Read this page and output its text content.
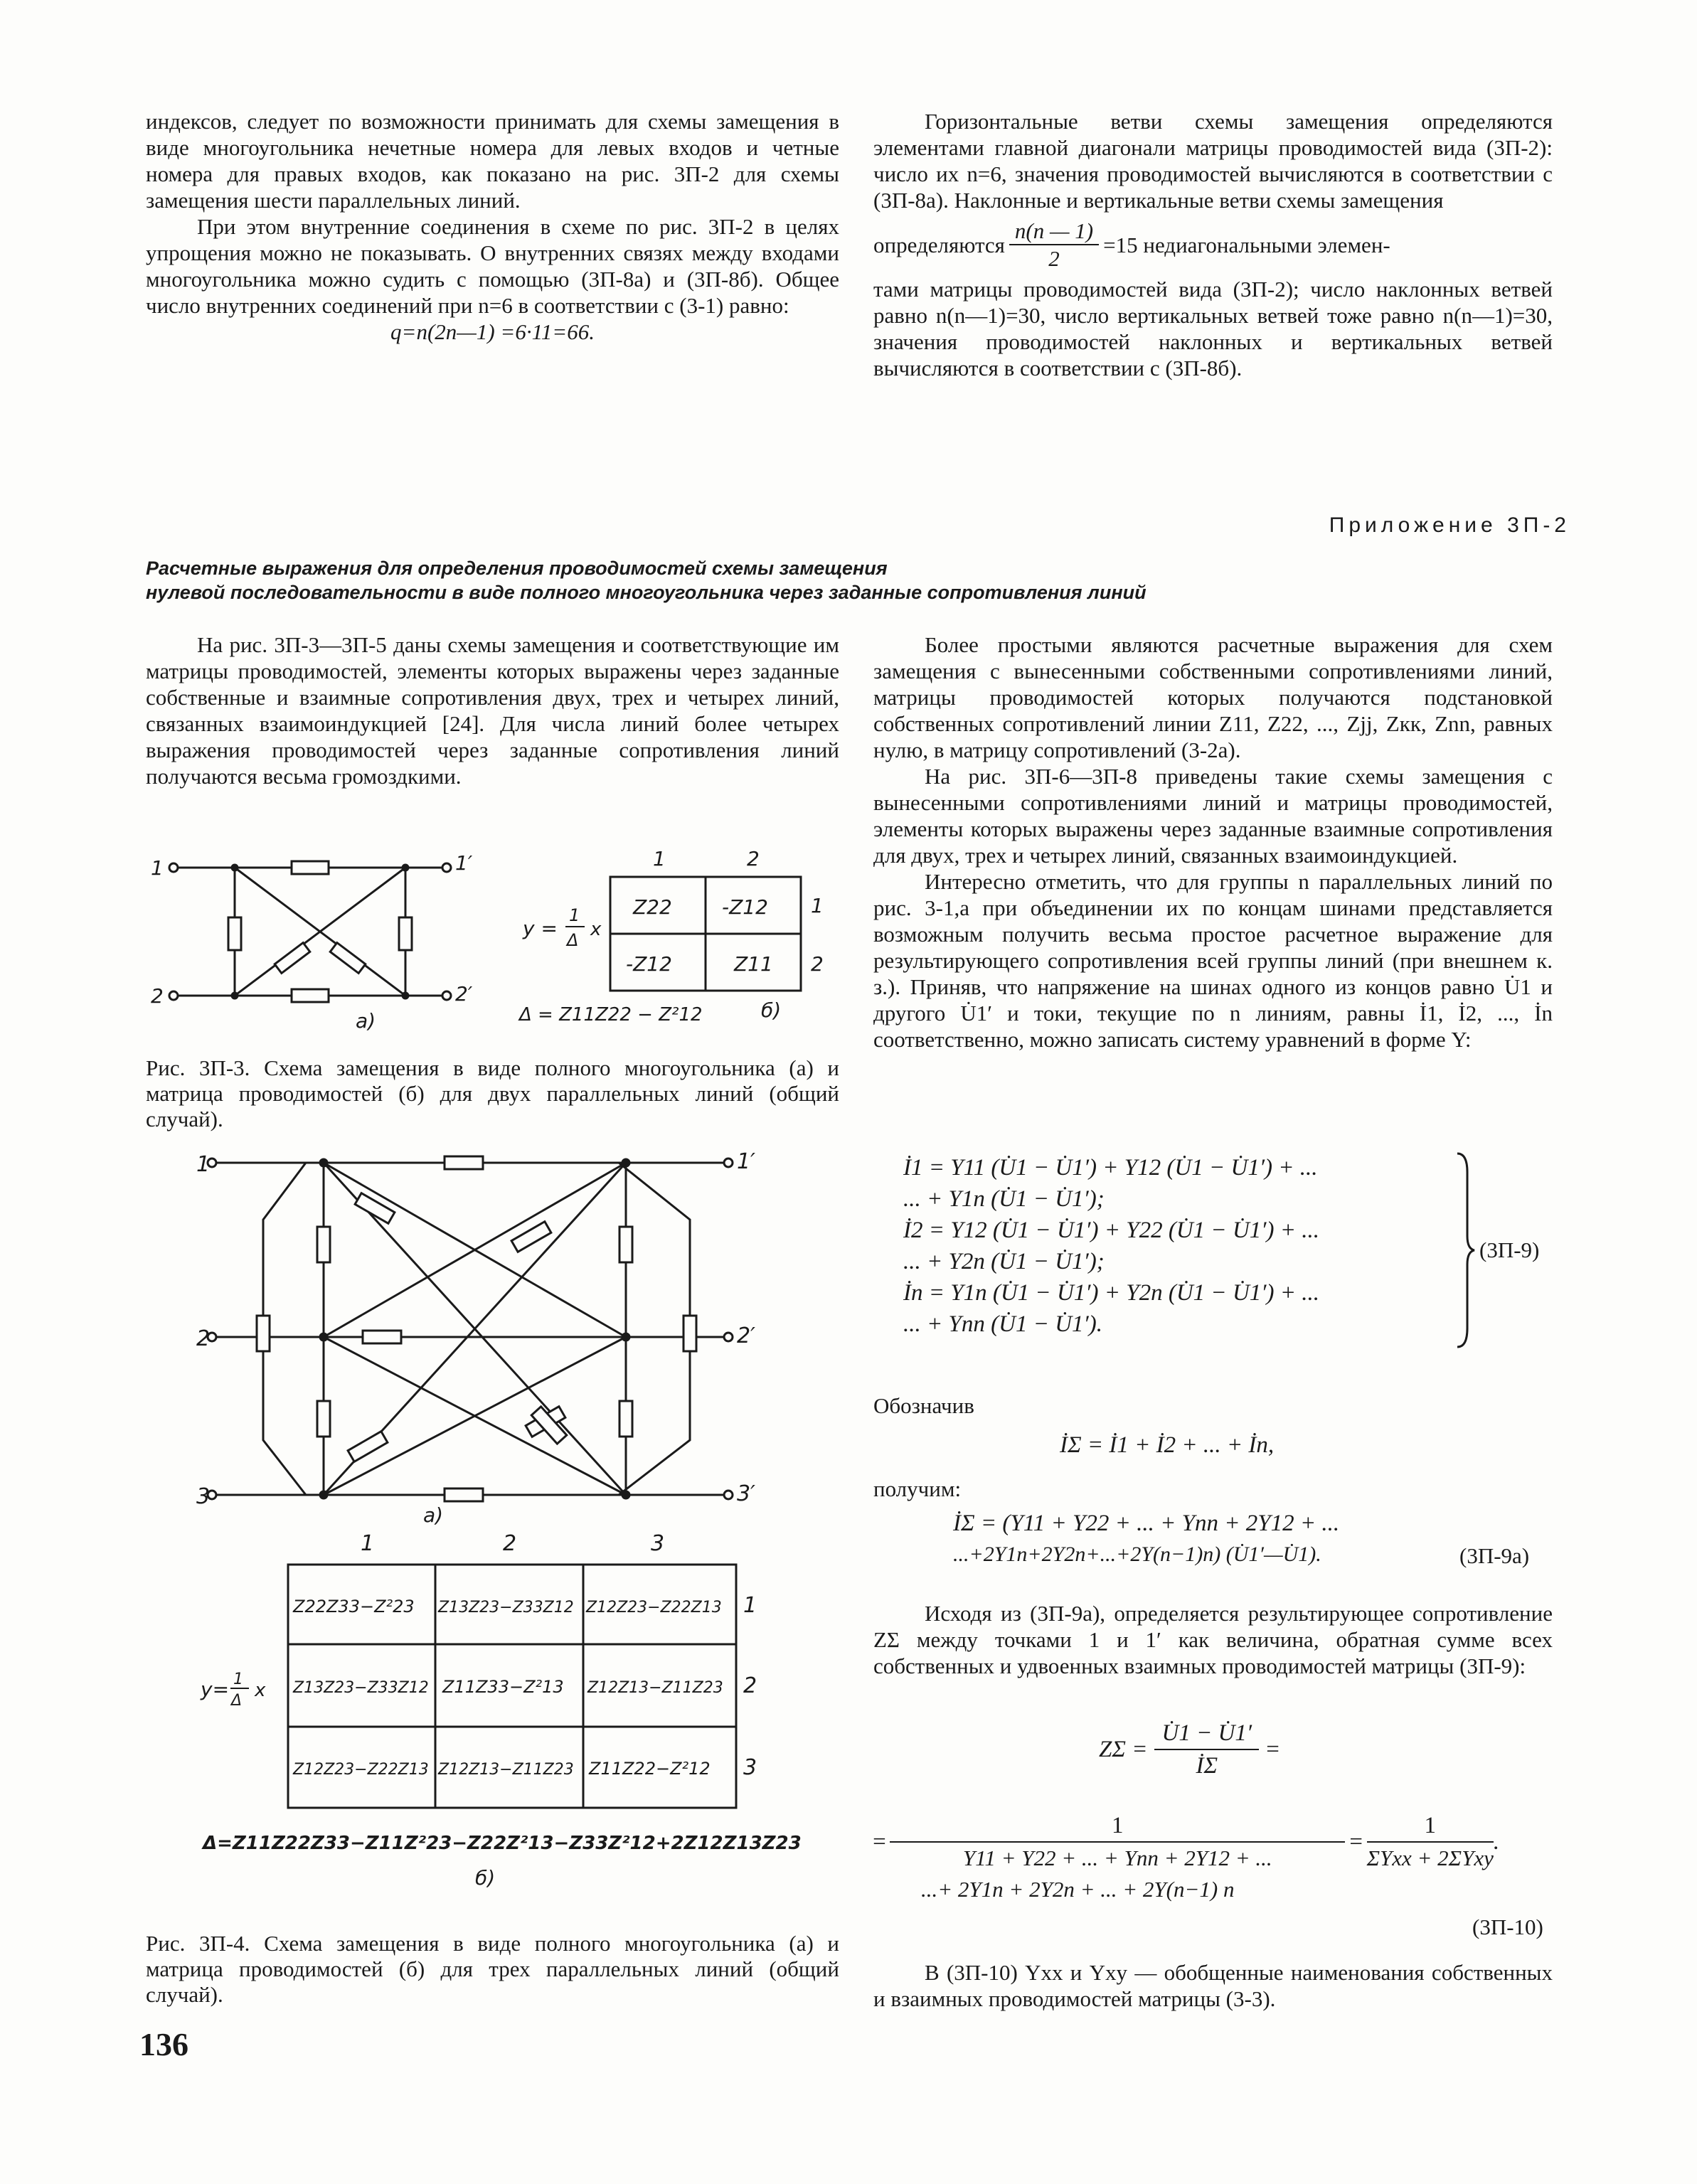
индексов, следует по возможности принимать для схемы замещения в виде многоугольника нечетные номера для левых входов и четные номера для правых входов, как показано на рис. 3П-2 для схемы замещения шести параллельных линий.

При этом внутренние соединения в схеме по рис. 3П-2 в целях упрощения можно не показывать. О внутренних связях между входами многоугольника можно судить с помощью (3П-8а) и (3П-8б). Общее число внутренних соединений при n=6 в соответствии с (3-1) равно:

q=n(2n—1) =6·11=66.

Горизонтальные ветви схемы замещения определяются элементами главной диагонали матрицы проводимостей вида (3П-2): число их n=6, значения проводимостей вычисляются в соответствии с (3П-8а). Наклонные и вертикальные ветви схемы замещения

определяются $\frac{n(n — 1)}{2} =15$ недиагональными элемен-

тами матрицы проводимостей вида (3П-2); число наклонных ветвей равно n(n—1)=30, число вертикальных ветвей тоже равно n(n—1)=30, значения проводимостей наклонных и вертикальных ветвей вычисляются в соответствии с (3П-8б).

Приложение 3П-2
Расчетные выражения для определения проводимостей схемы замещения
нулевой последовательности в виде полного многоугольника через заданные сопротивления линий

На рис. 3П-3—3П-5 даны схемы замещения и соответствующие им матрицы проводимостей, элементы которых выражены через заданные собственные и взаимные сопротивления двух, трех и четырех линий, связанных взаимоиндукцией [24]. Для числа линий более четырех выражения проводимостей через заданные сопротивления линий получаются весьма громоздкими.

1	1′
2	2′
а)
y =
1
Δ x
1	2
Z22	-Z12
-Z12	Z11
1
2
Δ = Z11Z22 − Z²12	б)
Рис. 3П-3. Схема замещения в виде полного многоугольника (а) и матрица проводимостей (б) для двух параллельных линий (общий случай).
1	1′
2	2′
3	3′
а)
1	2	3
y= 1
Δ x
Z22Z33−Z²23 Z13Z23−Z33Z12 Z12Z23−Z22Z13
Z13Z23−Z33Z12 Z11Z33−Z²13 Z12Z13−Z11Z23
Z12Z23−Z22Z13 Z12Z13−Z11Z23 Z11Z22−Z²12
1
2
3
Δ=Z11Z22Z33−Z11Z²23−Z22Z²13−Z33Z²12+2Z12Z13Z23
б)
Рис. 3П-4. Схема замещения в виде полного многоугольника (а) и матрица проводимостей (б) для трех параллельных линий (общий случай).

Более простыми являются расчетные выражения для схем замещения с вынесенными собственными сопротивлениями линий, матрицы проводимостей которых получаются подстановкой собственных сопротивлений линии Z11, Z22, ..., Zjj, Zкк, Znn, равных нулю, в матрицу сопротивлений (3-2а).

На рис. 3П-6—3П-8 приведены такие схемы замещения с вынесенными сопротивлениями линий и матрицы проводимостей, элементы которых выражены через заданные взаимные сопротивления для двух, трех и четырех линий, связанных взаимоиндукцией.

Интересно отметить, что для группы n параллельных линий по рис. 3-1,а при объединении их по концам шинами представляется возможным получить весьма простое расчетное выражение для результирующего сопротивления всей группы линий (при внешнем к. з.). Приняв, что напряжение на шинах одного из концов равно U̇1 и другого U̇1′ и токи, текущие по n линиям, равны İ1, İ2, ..., İn соответственно, можно записать систему уравнений в форме Y:

İ1 = Y11 (U̇1 − U̇1′) + Y12 (U̇1 − U̇1′) + ...
... + Y1n (U̇1 − U̇1′);
İ2 = Y12 (U̇1 − U̇1′) + Y22 (U̇1 − U̇1′) + ...
... + Y2n (U̇1 − U̇1′);
İn = Y1n (U̇1 − U̇1′) + Y2n (U̇1 − U̇1′) + ...
... + Ynn (U̇1 − U̇1′).
(3П-9)
Обозначив
İΣ = İ1 + İ2 + ... + İn,
получим:
İΣ = (Y11 + Y22 + ... + Ynn + 2Y12 + ...
...+2Y1n+2Y2n+...+2Y(n−1)n) (U̇1′—U̇1).	(3П-9а)

Исходя из (3П-9а), определяется результирующее сопротивление ZΣ между точками 1 и 1′ как величина, обратная сумме всех собственных и удвоенных взаимных проводимостей матрицы (3П-9):

$Z\Sigma = \frac{U̇1 - U̇1'}{İ\Sigma}$ =
=
1
Y11 + Y22 + ... + Ynn + 2Y12 + ...
=
1
ΣYxx + 2ΣYxy
.
...+ 2Y1n + 2Y2n + ... + 2Y(n−1) n
(3П-10)

В (3П-10) Yxx и Yxy — обобщенные наименования собственных и взаимных проводимостей матрицы (3-3).

136
